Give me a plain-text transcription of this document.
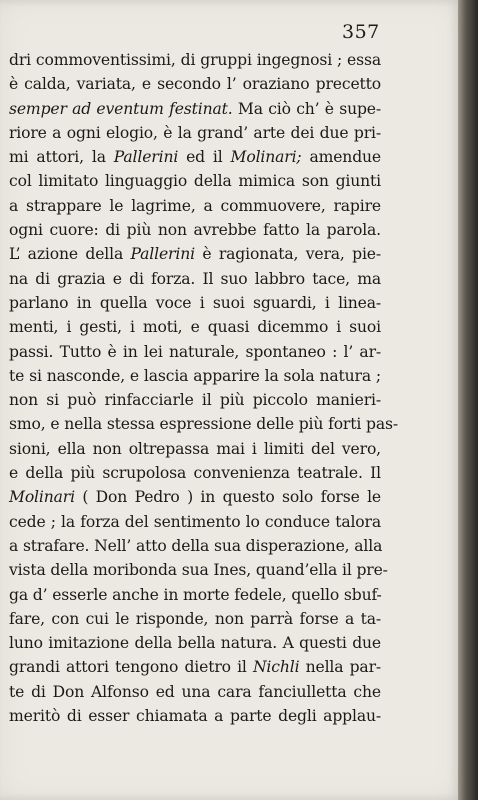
357
dri commoventissimi, di gruppi ingegnosi ; essa
è calda, variata, e secondo l’ oraziano precetto
semper ad eventum festinat. Ma ciò ch’ è supe-
riore a ogni elogio, è la grand’ arte dei due pri-
mi attori, la Pallerini ed il Molinari; amendue
col limitato linguaggio della mimica son giunti
a strappare le lagrime, a commuovere, rapire
ogni cuore: di più non avrebbe fatto la parola.
L’ azione della Pallerini è ragionata, vera, pie-
na di grazia e di forza. Il suo labbro tace, ma
parlano in quella voce i suoi sguardi, i linea-
menti, i gesti, i moti, e quasi dicemmo i suoi
passi. Tutto è in lei naturale, spontaneo : l’ ar-
te si nasconde, e lascia apparire la sola natura ;
non si può rinfacciarle il più piccolo manieri-
smo, e nella stessa espressione delle più forti pas-
sioni, ella non oltrepassa mai i limiti del vero,
e della più scrupolosa convenienza teatrale. Il
Molinari ( Don Pedro ) in questo solo forse le
cede ; la forza del sentimento lo conduce talora
a strafare. Nell’ atto della sua disperazione, alla
vista della moribonda sua Ines, quand’ella il pre-
ga d’ esserle anche in morte fedele, quello sbuf-
fare, con cui le risponde, non parrà forse a ta-
luno imitazione della bella natura. A questi due
grandi attori tengono dietro il Nichli nella par-
te di Don Alfonso ed una cara fanciulletta che
meritò di esser chiamata a parte degli applau-
